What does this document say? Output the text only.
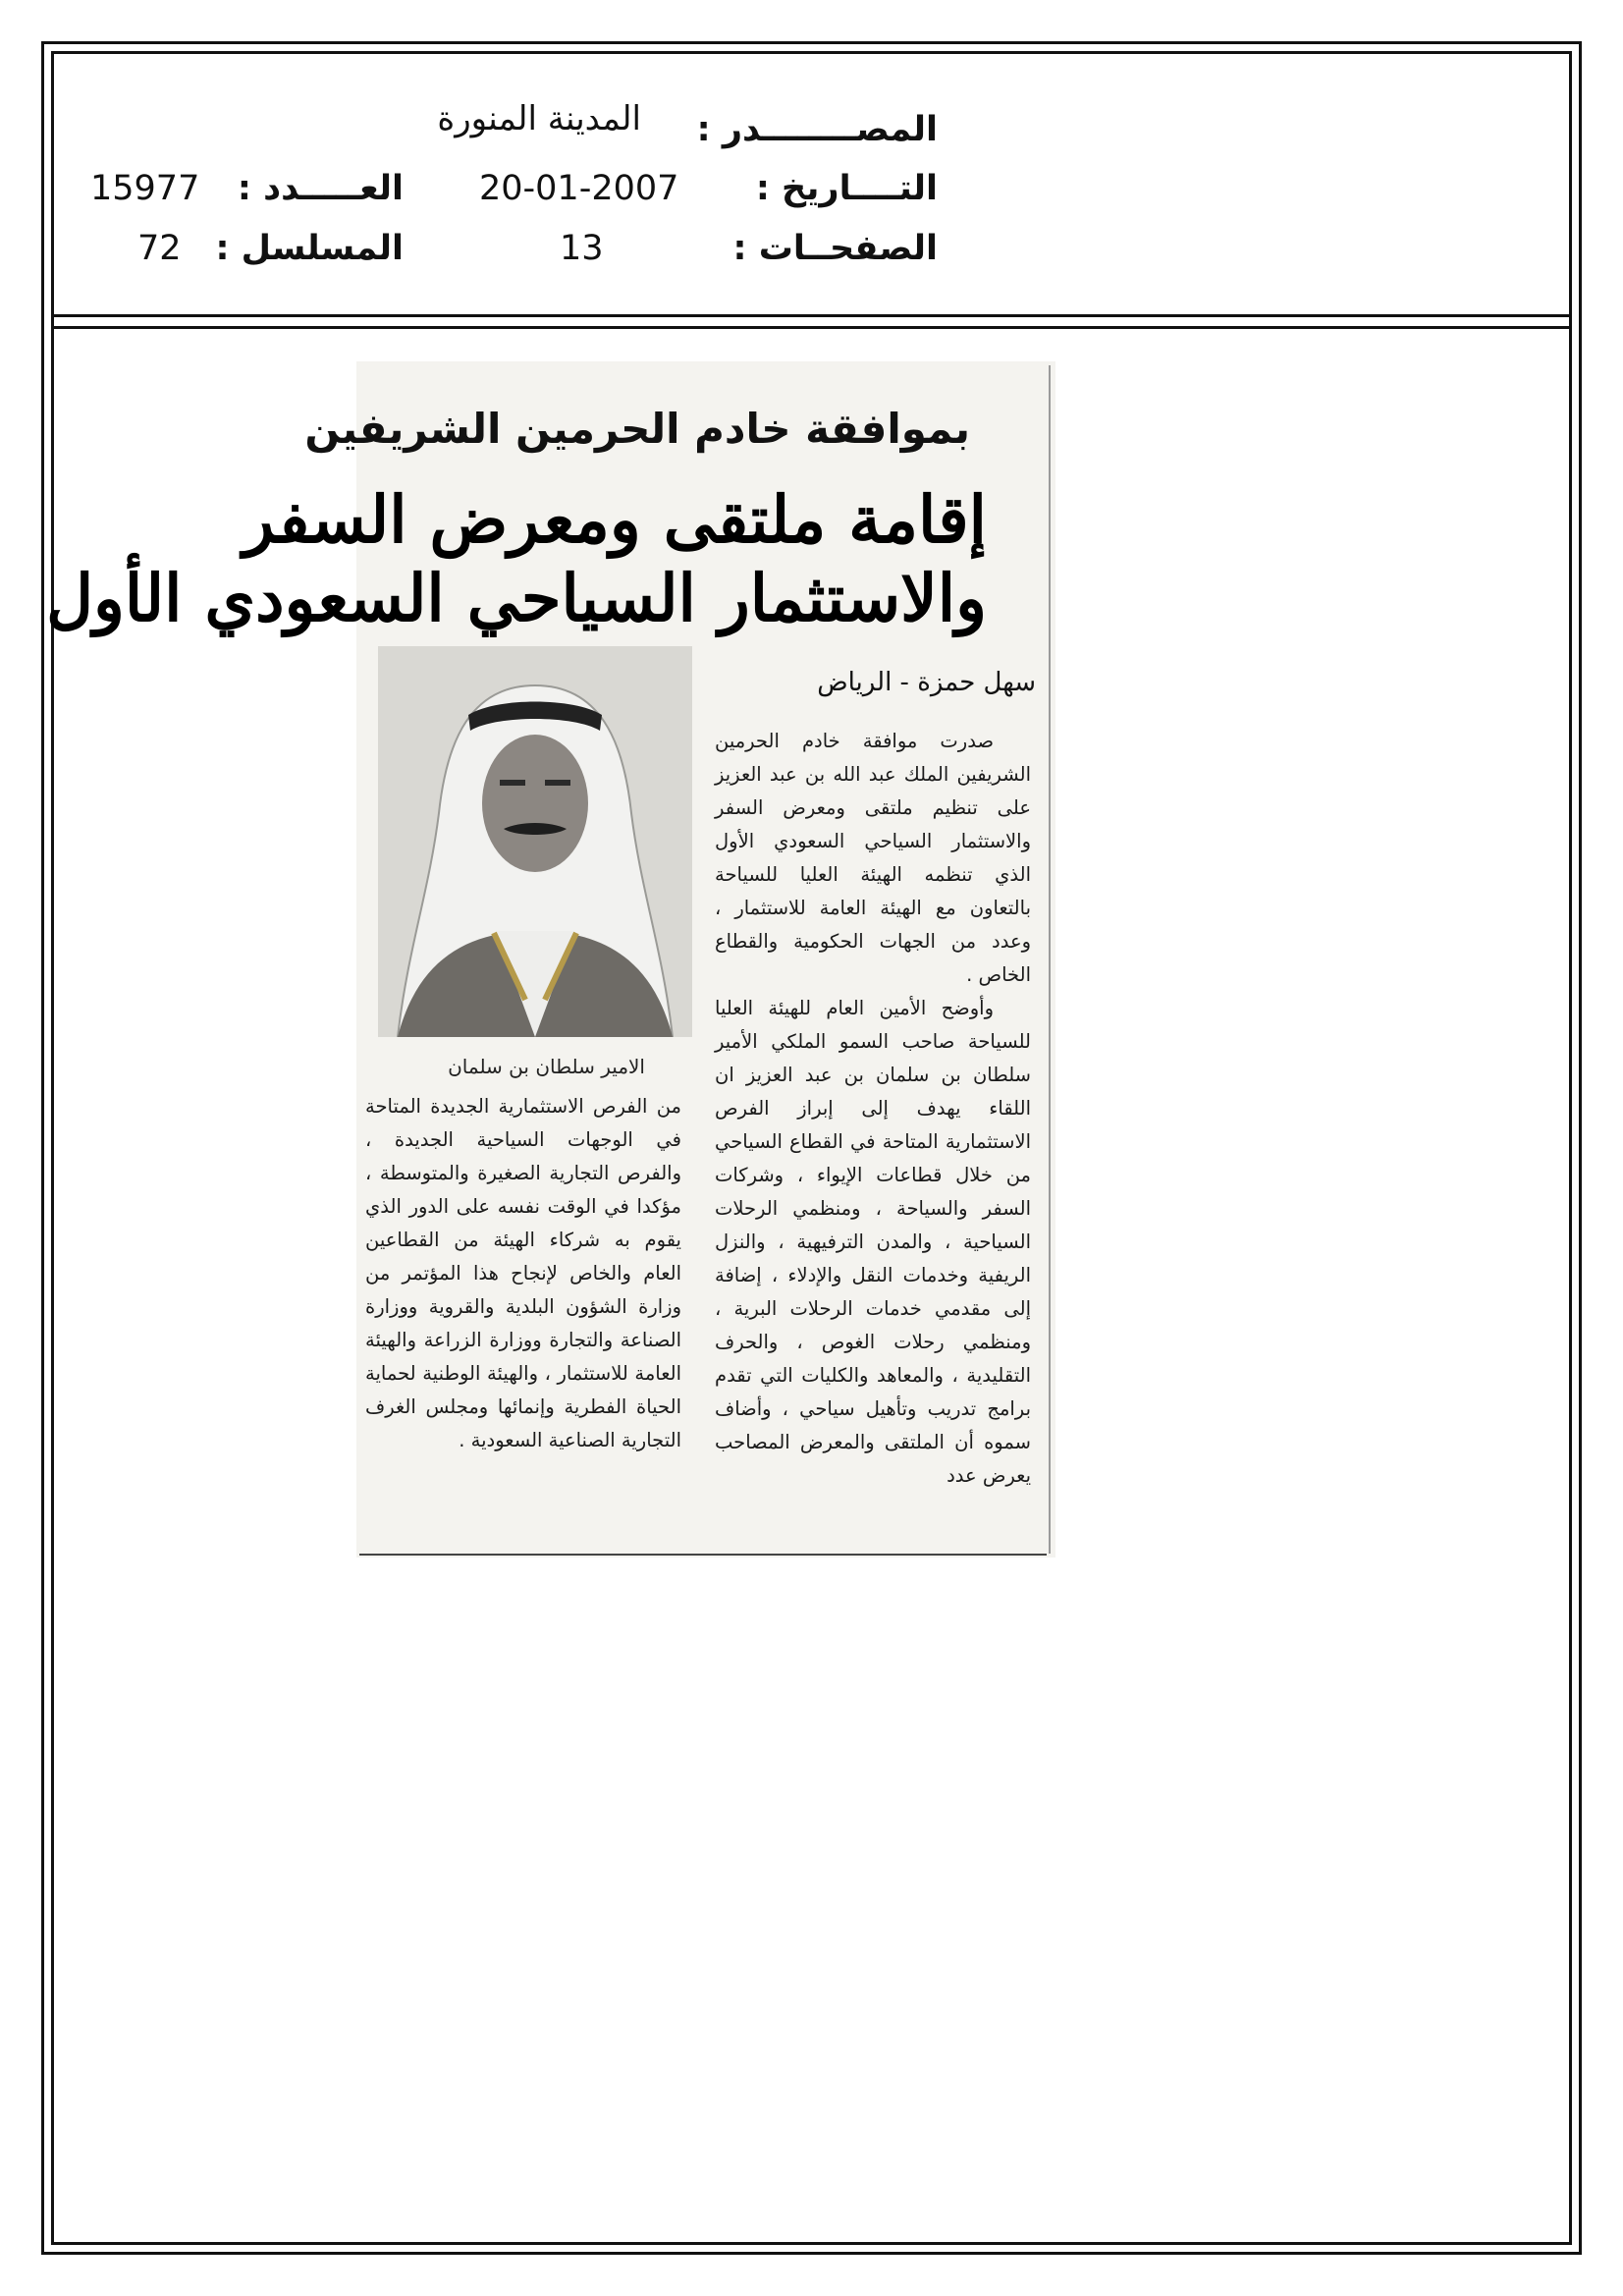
المصــــــــدر :
المدينة المنورة
التــــاريخ :
20-01-2007
العـــــدد :
15977
الصفحــات :
13
المسلسل :
72
بموافقة خادم الحرمين الشريفين
إقامة ملتقى ومعرض السفر
والاستثمار السياحي السعودي الأول
سهل حمزة - الرياض
الامير سلطان بن سلمان

صدرت موافقة خادم الحرمين الشريفين الملك عبد الله بن عبد العزيز على تنظيم ملتقى ومعرض السفر والاستثمار السياحي السعودي الأول الذي تنظمه الهيئة العليا للسياحة بالتعاون مع الهيئة العامة للاستثمار ، وعدد من الجهات الحكومية والقطاع الخاص .

وأوضح الأمين العام للهيئة العليا للسياحة صاحب السمو الملكي الأمير سلطان بن سلمان بن عبد العزيز ان اللقاء يهدف إلى إبراز الفرص الاستثمارية المتاحة في القطاع السياحي من خلال قطاعات الإيواء ، وشركات السفر والسياحة ، ومنظمي الرحلات السياحية ، والمدن الترفيهية ، والنزل الريفية وخدمات النقل والإدلاء ، إضافة إلى مقدمي خدمات الرحلات البرية ، ومنظمي رحلات الغوص ، والحرف التقليدية ، والمعاهد والكليات التي تقدم برامج تدريب وتأهيل سياحي ، وأضاف سموه أن الملتقى والمعرض المصاحب يعرض عدد

من الفرص الاستثمارية الجديدة المتاحة في الوجهات السياحية الجديدة ، والفرص التجارية الصغيرة والمتوسطة ، مؤكدا في الوقت نفسه على الدور الذي يقوم به شركاء الهيئة من القطاعين العام والخاص لإنجاح هذا المؤتمر من وزارة الشؤون البلدية والقروية ووزارة الصناعة والتجارة ووزارة الزراعة والهيئة العامة للاستثمار ، والهيئة الوطنية لحماية الحياة الفطرية وإنمائها ومجلس الغرف التجارية الصناعية السعودية .
